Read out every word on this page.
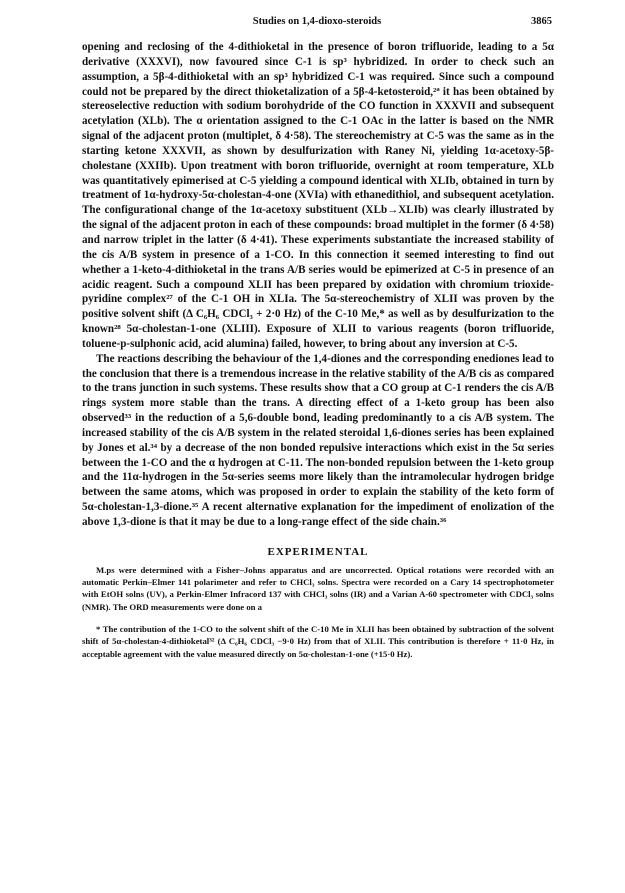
Studies on 1,4-dioxo-steroids	3865

opening and reclosing of the 4-dithioketal in the presence of boron trifluoride, leading to a 5α derivative (XXXVI), now favoured since C-1 is sp³ hybridized. In order to check such an assumption, a 5β-4-dithioketal with an sp³ hybridized C-1 was required. Since such a compound could not be prepared by the direct thioketalization of a 5β-4-ketosteroid,²ª it has been obtained by stereoselective reduction with sodium borohydride of the CO function in XXXVII and subsequent acetylation (XLb). The α orientation assigned to the C-1 OAc in the latter is based on the NMR signal of the adjacent proton (multiplet, δ 4·58). The stereochemistry at C-5 was the same as in the starting ketone XXXVII, as shown by desulfurization with Raney Ni, yielding 1α-acetoxy-5β-cholestane (XXIIb). Upon treatment with boron trifluoride, overnight at room temperature, XLb was quantitatively epimerised at C-5 yielding a compound identical with XLIb, obtained in turn by treatment of 1α-hydroxy-5α-cholestan-4-one (XVIa) with ethanedithiol, and subsequent acetylation. The configurational change of the 1α-acetoxy substituent (XLb→XLIb) was clearly illustrated by the signal of the adjacent proton in each of these compounds: broad multiplet in the former (δ 4·58) and narrow triplet in the latter (δ 4·41). These experiments substantiate the increased stability of the cis A/B system in presence of a 1-CO. In this connection it seemed interesting to find out whether a 1-keto-4-dithioketal in the trans A/B series would be epimerized at C-5 in presence of an acidic reagent. Such a compound XLII has been prepared by oxidation with chromium trioxide-pyridine complex²⁷ of the C-1 OH in XLIa. The 5α-stereochemistry of XLII was proven by the positive solvent shift (Δ C₆H₆ CDCl₃ + 2·0 Hz) of the C-10 Me,* as well as by desulfurization to the known²⁸ 5α-cholestan-1-one (XLIII). Exposure of XLII to various reagents (boron trifluoride, toluene-p-sulphonic acid, acid alumina) failed, however, to bring about any inversion at C-5.

The reactions describing the behaviour of the 1,4-diones and the corresponding enediones lead to the conclusion that there is a tremendous increase in the relative stability of the A/B cis as compared to the trans junction in such systems. These results show that a CO group at C-1 renders the cis A/B rings system more stable than the trans. A directing effect of a 1-keto group has been also observed³³ in the reduction of a 5,6-double bond, leading predominantly to a cis A/B system. The increased stability of the cis A/B system in the related steroidal 1,6-diones series has been explained by Jones et al.³⁴ by a decrease of the non bonded repulsive interactions which exist in the 5α series between the 1-CO and the α hydrogen at C-11. The non-bonded repulsion between the 1-keto group and the 11α-hydrogen in the 5α-series seems more likely than the intramolecular hydrogen bridge between the same atoms, which was proposed in order to explain the stability of the keto form of 5α-cholestan-1,3-dione.³⁵ A recent alternative explanation for the impediment of enolization of the above 1,3-dione is that it may be due to a long-range effect of the side chain.³⁶

EXPERIMENTAL

M.ps were determined with a Fisher–Johns apparatus and are uncorrected. Optical rotations were recorded with an automatic Perkin–Elmer 141 polarimeter and refer to CHCl₃ solns. Spectra were recorded on a Cary 14 spectrophotometer with EtOH solns (UV), a Perkin-Elmer Infracord 137 with CHCl₃ solns (IR) and a Varian A-60 spectrometer with CDCl₃ solns (NMR). The ORD measurements were done on a

* The contribution of the 1-CO to the solvent shift of the C-10 Me in XLII has been obtained by subtraction of the solvent shift of 5α-cholestan-4-dithioketal³² (Δ C₆H₆ CDCl₃ −9·0 Hz) from that of XLII. This contribution is therefore + 11·0 Hz, in acceptable agreement with the value measured directly on 5α-cholestan-1-one (+15·0 Hz).
